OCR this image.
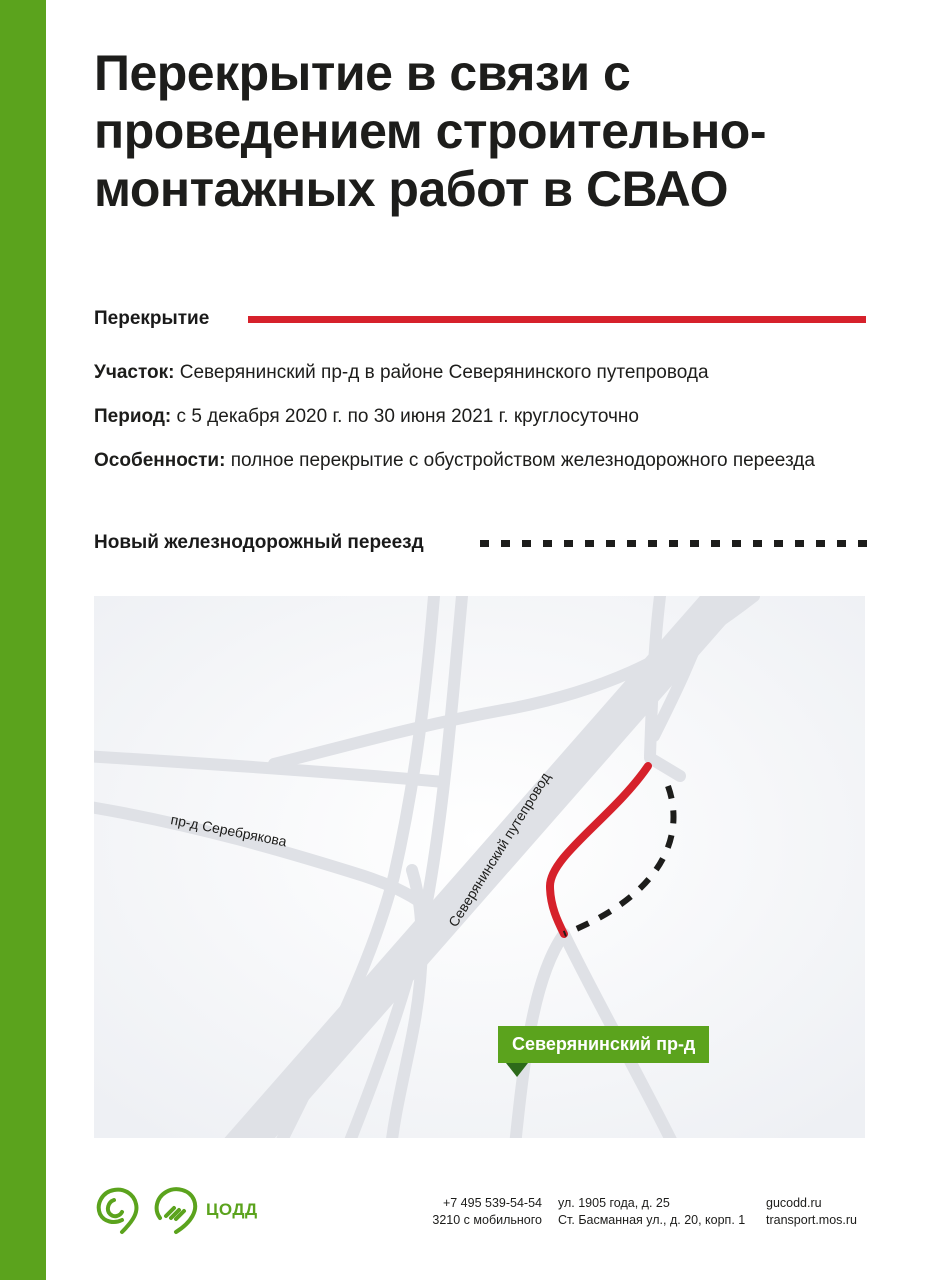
Перекрытие в связи с проведением строительно-монтажных работ в СВАО
Перекрытие
Участок: Северянинский пр-д в районе Северянинского путепровода
Период: с 5 декабря 2020 г. по 30 июня 2021 г. круглосуточно
Особенности: полное перекрытие с обустройством железнодорожного переезда
Новый железнодорожный переезд
пр-д Серебрякова	Северянинский путепровод
Северянинский пр-д
ЦОДД	+7 495 539-54-54
3210 с мобильного
ул. 1905 года, д. 25
Ст. Басманная ул., д. 20, корп. 1
gucodd.ru
transport.mos.ru
